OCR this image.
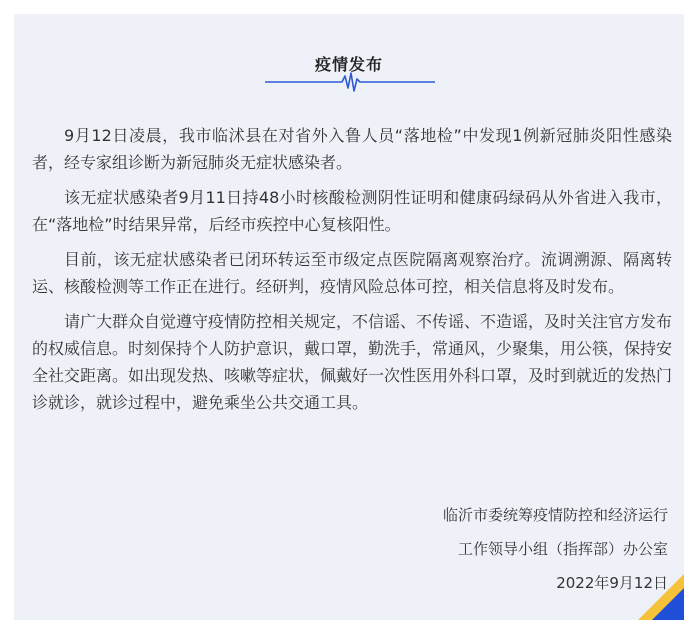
疫情发布

9月12日凌晨，我市临沭县在对省外入鲁人员“落地检”中发现1例新冠肺炎阳性感染者，经专家组诊断为新冠肺炎无症状感染者。

该无症状感染者9月11日持48小时核酸检测阴性证明和健康码绿码从外省进入我市，在“落地检”时结果异常，后经市疾控中心复核阳性。

目前，该无症状感染者已闭环转运至市级定点医院隔离观察治疗。流调溯源、隔离转运、核酸检测等工作正在进行。经研判，疫情风险总体可控，相关信息将及时发布。

请广大群众自觉遵守疫情防控相关规定，不信谣、不传谣、不造谣，及时关注官方发布的权威信息。时刻保持个人防护意识，戴口罩，勤洗手，常通风，少聚集，用公筷，保持安全社交距离。如出现发热、咳嗽等症状，佩戴好一次性医用外科口罩，及时到就近的发热门诊就诊，就诊过程中，避免乘坐公共交通工具。

临沂市委统筹疫情防控和经济运行
工作领导小组（指挥部）办公室
2022年9月12日
